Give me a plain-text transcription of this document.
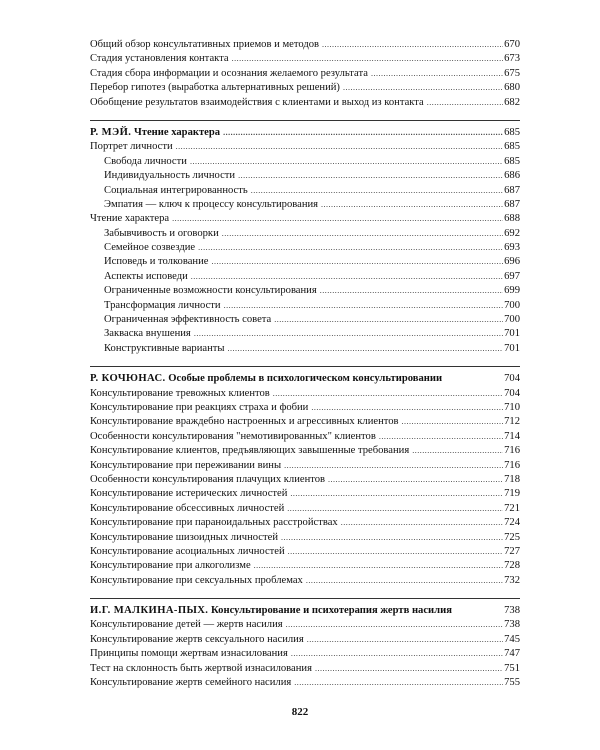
Общий обзор консультативных приемов и методов .....	670
Стадия установления контакта .....	673
Стадия сбора информации и осознания желаемого результата .....	675
Перебор гипотез (выработка альтернативных решений) .....	680
Обобщение результатов взаимодействия с клиентами и выход из контакта .....	682
Р. МЭЙ. Чтение характера .....	685
Портрет личности .....	685
Свобода личности .....	685
Индивидуальность личности .....	686
Социальная интегрированность .....	687
Эмпатия — ключ к процессу консультирования .....	687
Чтение характера .....	688
Забывчивость и оговорки .....	692
Семейное созвездие .....	693
Исповедь и толкование .....	696
Аспекты исповеди .....	697
Ограниченные возможности консультирования .....	699
Трансформация личности .....	700
Ограниченная эффективность совета .....	700
Закваска внушения .....	701
Конструктивные варианты .....	701
Р. КОЧЮНАС. Особые проблемы в психологическом консультировании	704
Консультирование тревожных клиентов .....	704
Консультирование при реакциях страха и фобии .....	710
Консультирование враждебно настроенных и агрессивных клиентов .....	712
Особенности консультирования "немотивированных" клиентов .....	714
Консультирование клиентов, предъявляющих завышенные требования .....	716
Консультирование при переживании вины .....	716
Особенности консультирования плачущих клиентов .....	718
Консультирование истерических личностей .....	719
Консультирование обсессивных личностей .....	721
Консультирование при параноидальных расстройствах .....	724
Консультирование шизоидных личностей .....	725
Консультирование асоциальных личностей .....	727
Консультирование при алкоголизме .....	728
Консультирование при сексуальных проблемах .....	732
И.Г. МАЛКИНА-ПЫХ. Консультирование и психотерапия жертв насилия	738
Консультирование детей — жертв насилия .....	738
Консультирование жертв сексуального насилия .....	745
Принципы помощи жертвам изнасилования .....	747
Тест на склонность быть жертвой изнасилования .....	751
Консультирование жертв семейного насилия .....	755
822
